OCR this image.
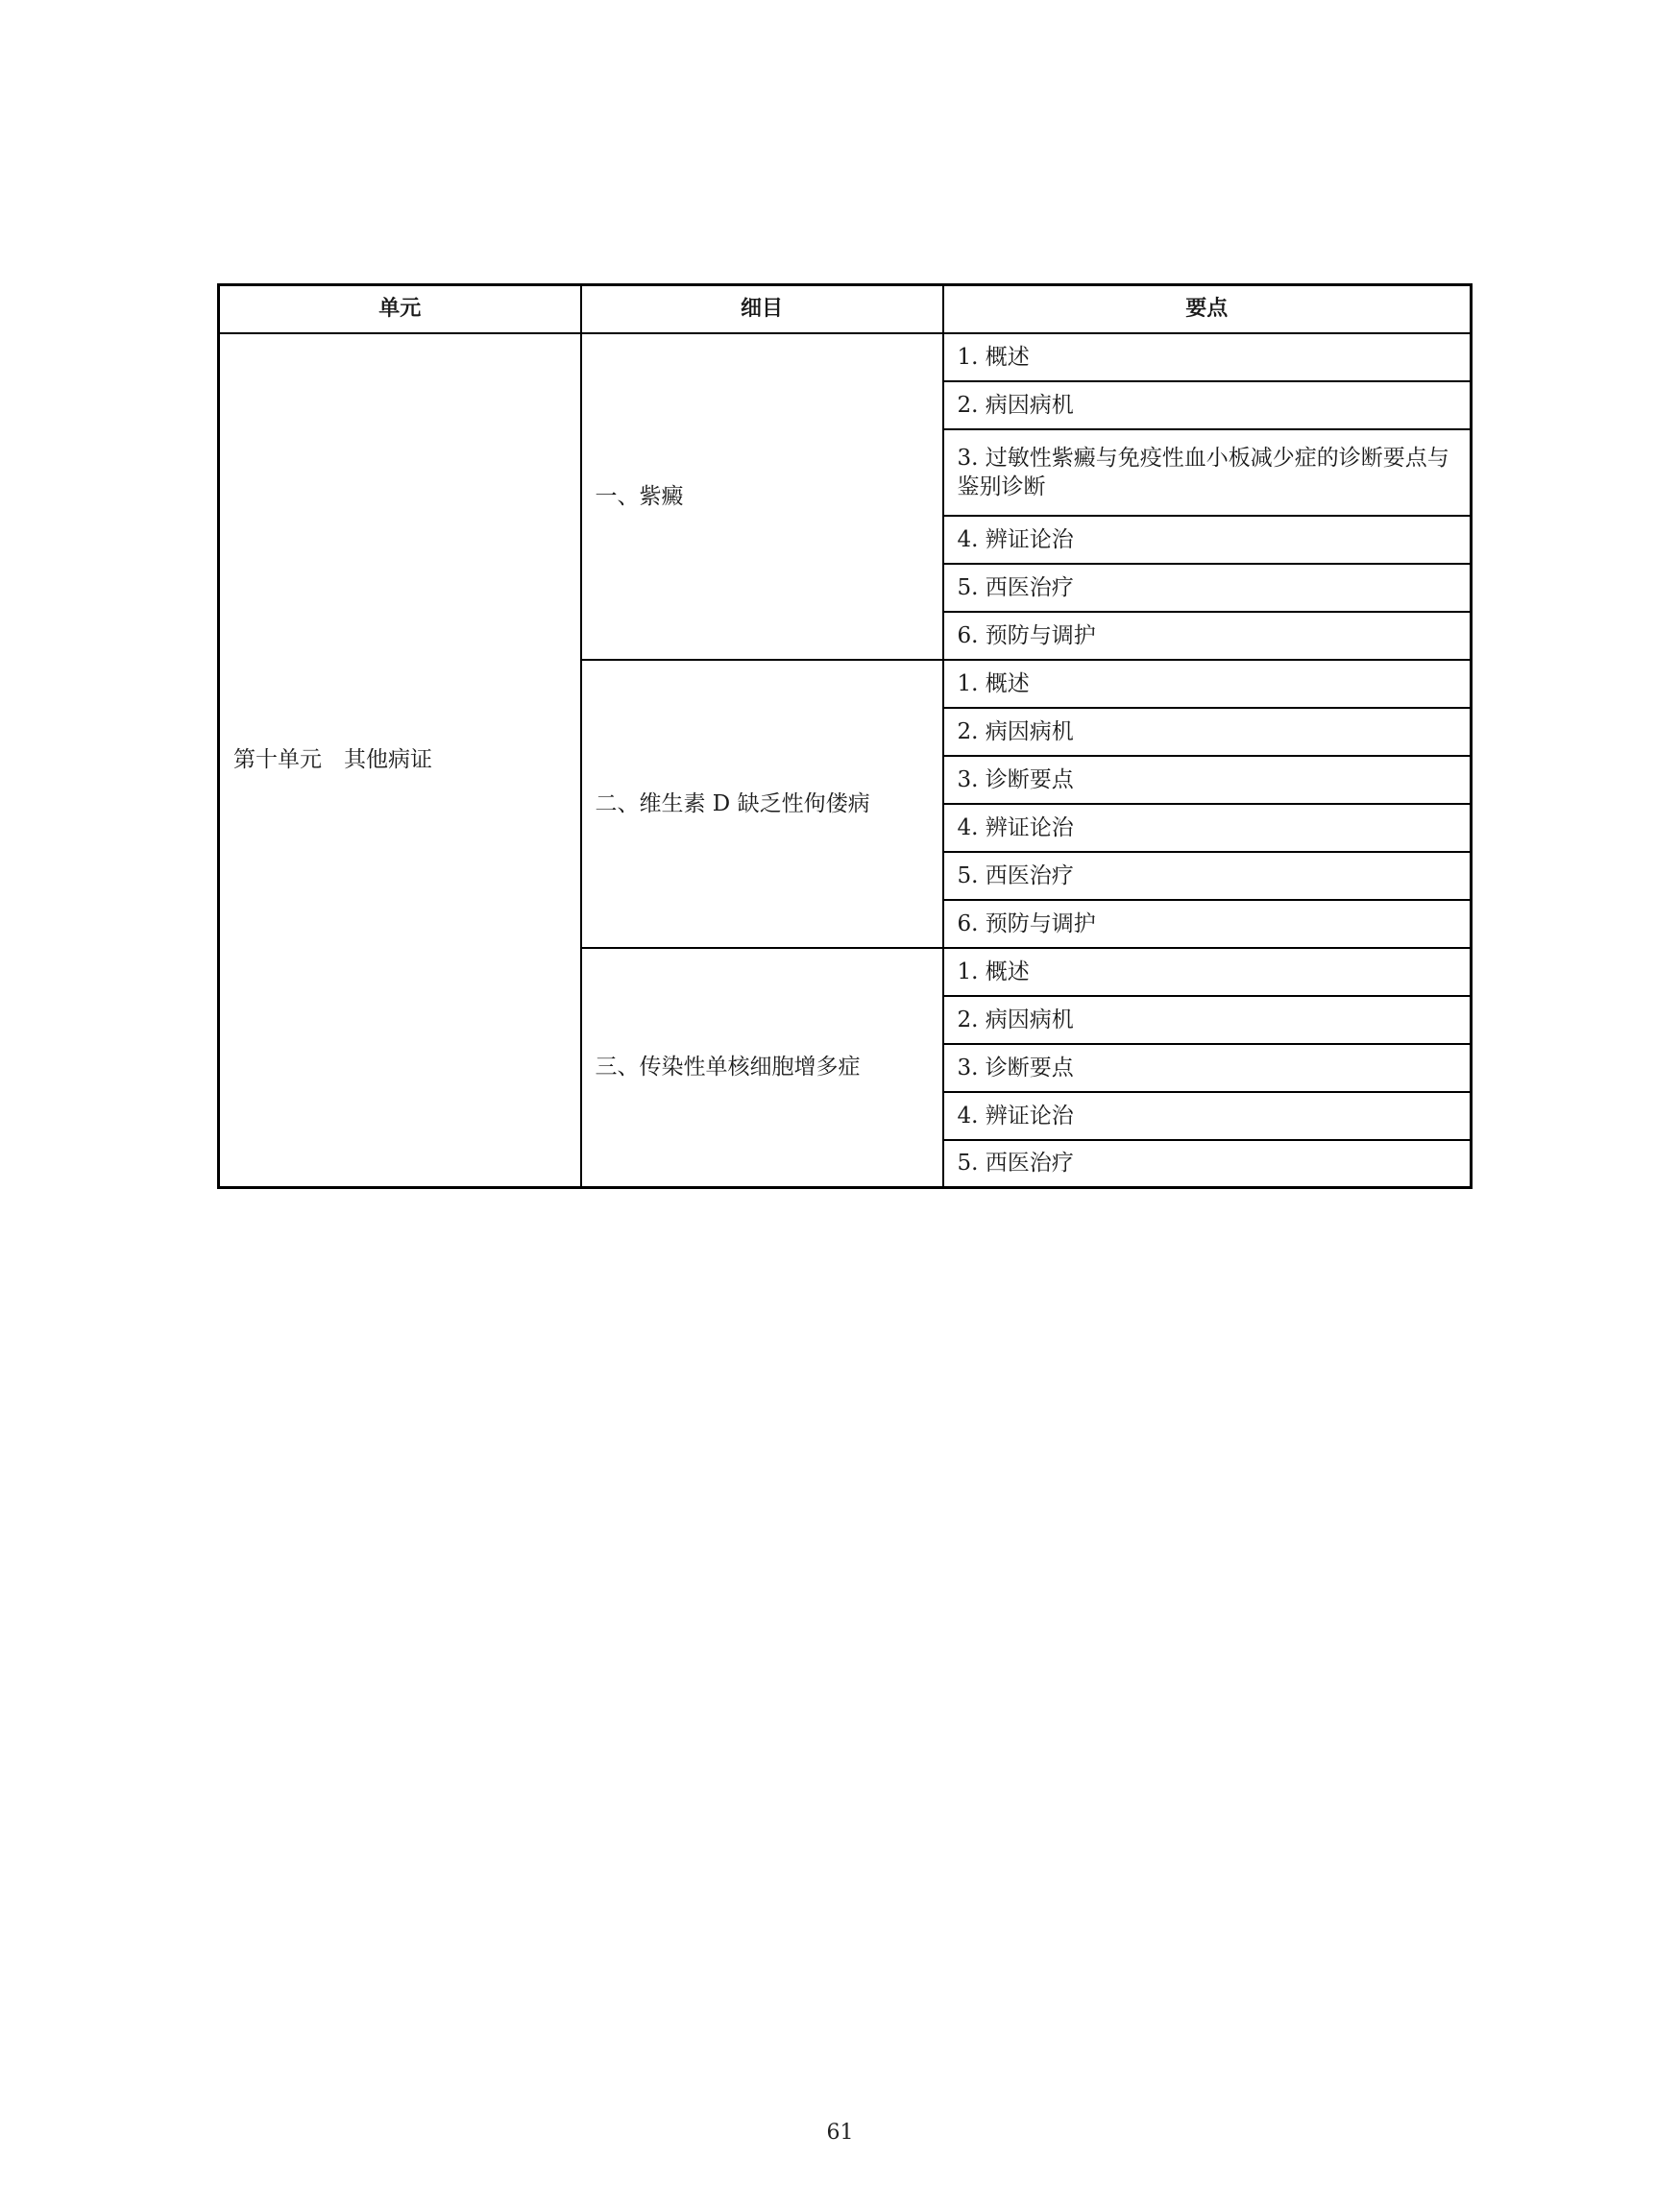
单元	细目	要点
第十单元　其他病证	一、紫癜	1. 概述
		2. 病因病机
		3. 过敏性紫癜与免疫性血小板减少症的诊断要点与鉴别诊断
		4. 辨证论治
		5. 西医治疗
		6. 预防与调护
	二、维生素 D 缺乏性佝偻病	1. 概述
		2. 病因病机
		3. 诊断要点
		4. 辨证论治
		5. 西医治疗
		6. 预防与调护
	三、传染性单核细胞增多症	1. 概述
		2. 病因病机
		3. 诊断要点
		4. 辨证论治
		5. 西医治疗
61
